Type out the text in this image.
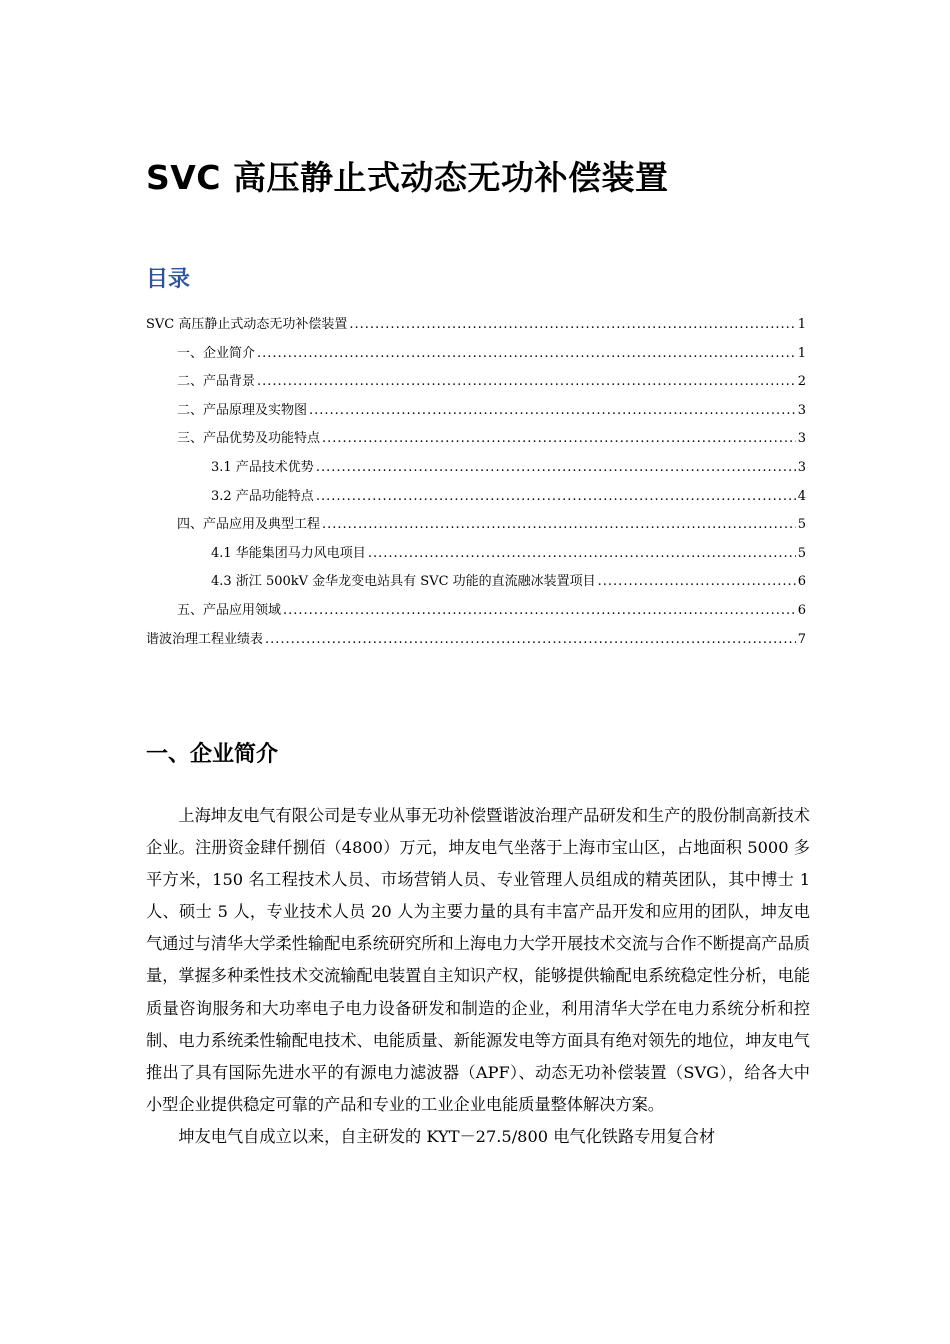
SVC 高压静止式动态无功补偿装置
目录
SVC 高压静止式动态无功补偿装置 .....	1
一、企业简介 .....	1
二、产品背景 .....	2
二、产品原理及实物图 .....	3
三、产品优势及功能特点 .....	3
3.1 产品技术优势 .....	3
3.2 产品功能特点 .....	4
四、产品应用及典型工程 .....	5
4.1 华能集团马力风电项目 .....	5
4.3 浙江 500kV 金华龙变电站具有 SVC 功能的直流融冰装置项目 .....	6
五、产品应用领域 .....	6
谐波治理工程业绩表 .....	7
一、企业简介

上海坤友电气有限公司是专业从事无功补偿暨谐波治理产品研发和生产的股份制高新技术企业。注册资金肆仟捌佰（4800）万元，坤友电气坐落于上海市宝山区，占地面积 5000 多平方米，150 名工程技术人员、市场营销人员、专业管理人员组成的精英团队，其中博士 1 人、硕士 5 人，专业技术人员 20 人为主要力量的具有丰富产品开发和应用的团队，坤友电气通过与清华大学柔性输配电系统研究所和上海电力大学开展技术交流与合作不断提高产品质量，掌握多种柔性技术交流输配电装置自主知识产权，能够提供输配电系统稳定性分析，电能质量咨询服务和大功率电子电力设备研发和制造的企业，利用清华大学在电力系统分析和控制、电力系统柔性输配电技术、电能质量、新能源发电等方面具有绝对领先的地位，坤友电气推出了具有国际先进水平的有源电力滤波器（APF）、动态无功补偿装置（SVG），给各大中小型企业提供稳定可靠的产品和专业的工业企业电能质量整体解决方案。

坤友电气自成立以来，自主研发的 KYT－27.5/800 电气化铁路专用复合材
